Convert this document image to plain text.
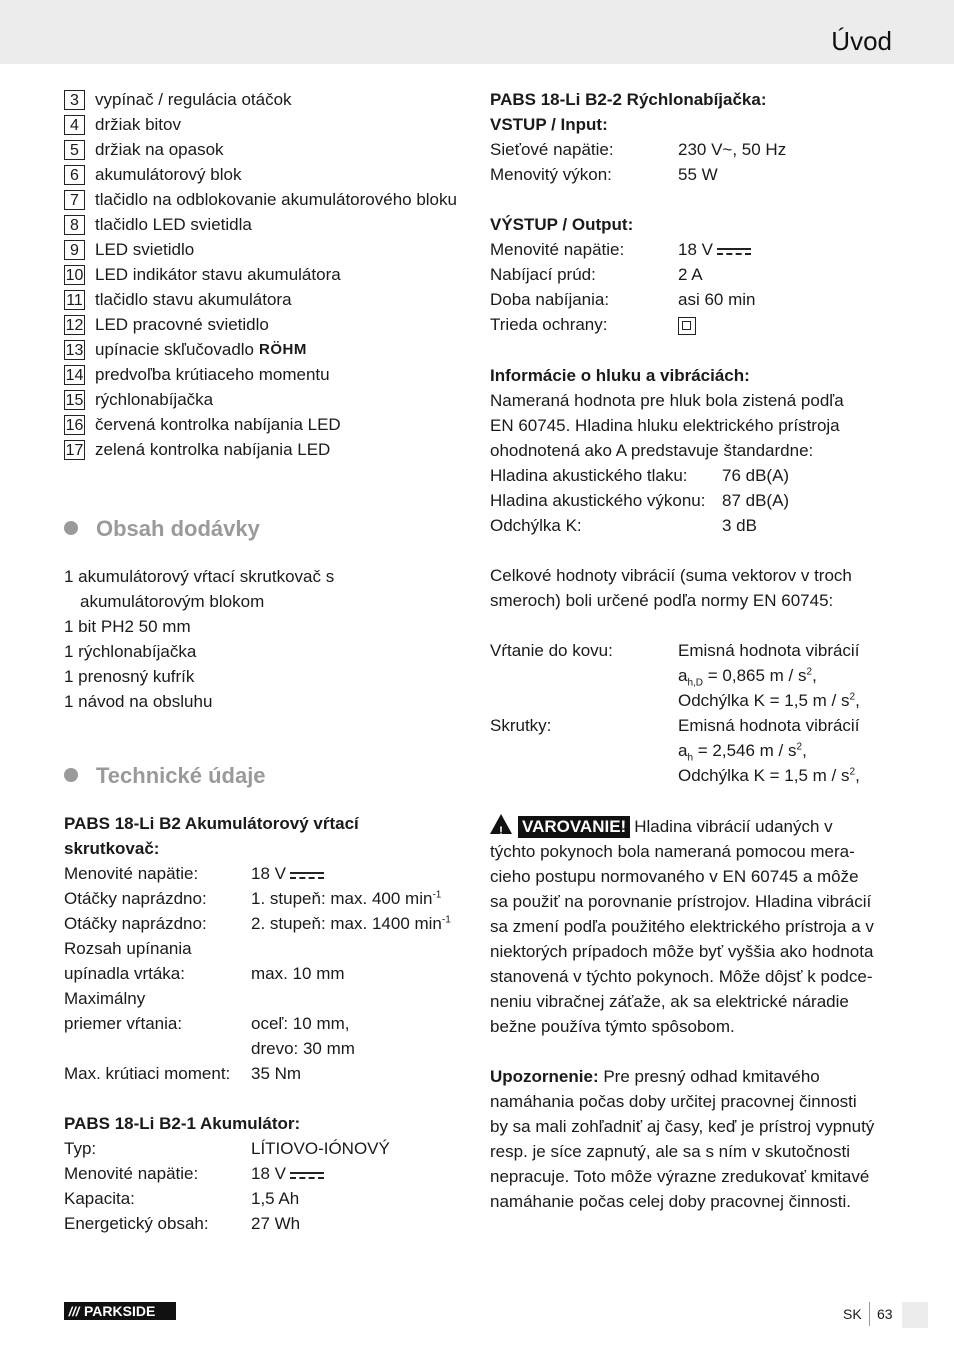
Úvod
3 vypínač / regulácia otáčok
4 držiak bitov
5 držiak na opasok
6 akumulátorový blok
7 tlačidlo na odblokovanie akumulátorového bloku
8 tlačidlo LED svietidla
9 LED svietidlo
10 LED indikátor stavu akumulátora
11 tlačidlo stavu akumulátora
12 LED pracovné svietidlo
13 upínacie skľučovadlo RÖHM
14 predvoľba krútiaceho momentu
15 rýchlonabíjačka
16 červená kontrolka nabíjania LED
17 zelená kontrolka nabíjania LED
Obsah dodávky
1 akumulátorový vŕtací skrutkovač s
akumulátorovým blokom
1 bit PH2 50 mm
1 rýchlonabíjačka
1 prenosný kufrík
1 návod na obsluhu
Technické údaje
PABS 18-Li B2 Akumulátorový vŕtací
skrutkovač:
Menovité napätie:	18 V
Otáčky naprázdno:	1. stupeň: max. 400 $\min^{-1}$
Otáčky naprázdno:	2. stupeň: max. 1400 $\min^{-1}$
Rozsah upínania
upínadla vrtáka:	max. 10 mm
Maximálny
priemer vŕtania:	oceľ: 10 mm,
drevo: 30 mm
Max. krútiaci moment:	35 Nm
PABS 18-Li B2-1 Akumulátor:
Typ:	LÍTIOVO-IÓNOVÝ
Menovité napätie:	18 V
Kapacita:	1,5 Ah
Energetický obsah:	27 Wh
PABS 18-Li B2-2 Rýchlonabíjačka:
VSTUP / Input:
Sieťové napätie:	230 V~, 50 Hz
Menovitý výkon:	55 W
VÝSTUP / Output:
Menovité napätie:	18 V
Nabíjací prúd:	2 A
Doba nabíjania:	asi 60 min
Trieda ochrany:
Informácie o hluku a vibráciách:
Nameraná hodnota pre hluk bola zistená podľa
EN 60745. Hladina hluku elektrického prístroja
ohodnotená ako A predstavuje štandardne:
Hladina akustického tlaku:	76 dB(A)
Hladina akustického výkonu: 87 dB(A)
Odchýlka K:	3 dB
Celkové hodnoty vibrácií (suma vektorov v troch
smeroch) boli určené podľa normy EN 60745:
Vŕtanie do kovu:	Emisná hodnota vibrácií
$a_{h,D} = 0,865$ m / $s^2$,
Odchýlka K = 1,5 m / $s^2$,
Skrutky:	Emisná hodnota vibrácií
$a_h = 2,546$ m / $s^2$,
Odchýlka K = 1,5 m / $s^2$,
! VAROVANIE! Hladina vibrácií udaných v
týchto pokynoch bola nameraná pomocou mera-
cieho postupu normovaného v EN 60745 a môže
sa použiť na porovnanie prístrojov. Hladina vibrácií
sa zmení podľa použitého elektrického prístroja a v
niektorých prípadoch môže byť vyššia ako hodnota
stanovená v týchto pokynoch. Môže dôjsť k podce-
neniu vibračnej záťaže, ak sa elektrické náradie
bežne používa týmto spôsobom.
Upozornenie: Pre presný odhad kmitavého
namáhania počas doby určitej pracovnej činnosti
by sa mali zohľadniť aj časy, keď je prístroj vypnutý
resp. je síce zapnutý, ale sa s ním v skutočnosti
nepracuje. Toto môže výrazne zredukovať kmitavé
namáhanie počas celej doby pracovnej činnosti.
/// PARKSIDE	SK 63
